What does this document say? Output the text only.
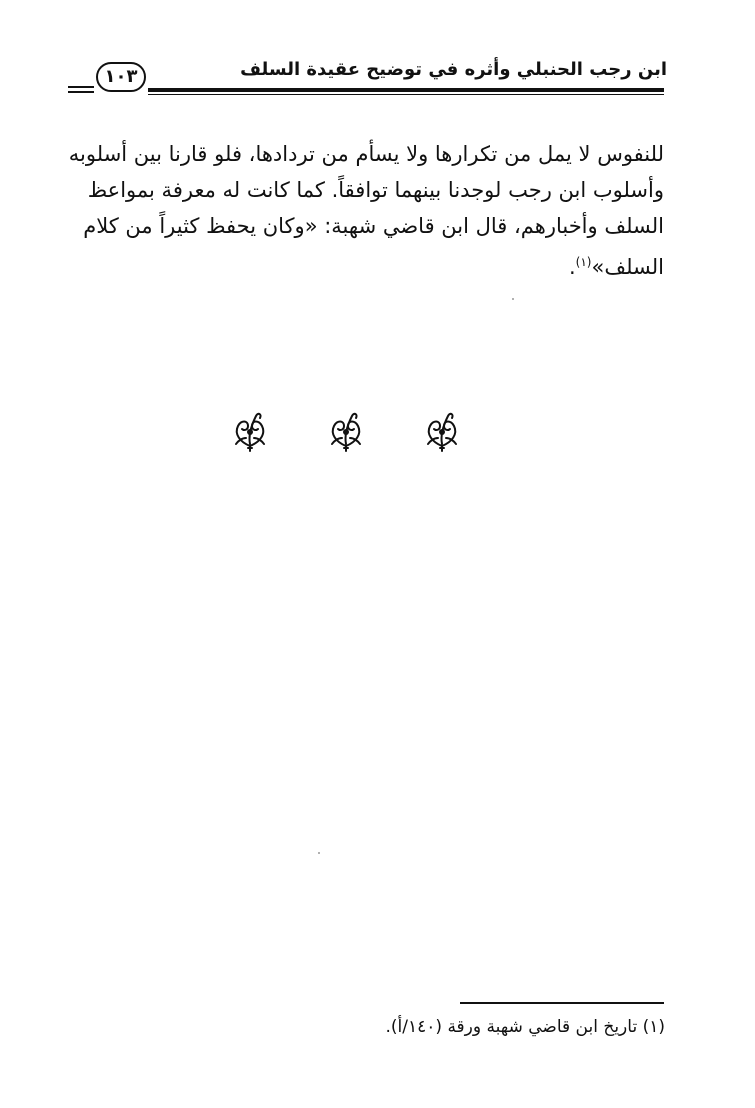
ابن رجب الحنبلي وأثره في توضيح عقيدة السلف
١٠٣
للنفوس لا يمل من تكرارها ولا يسأم من تردادها، فلو قارنا بين أسلوبه
وأسلوب ابن رجب لوجدنا بينهما توافقاً. كما كانت له معرفة بمواعظ
السلف وأخبارهم، قال ابن قاضي شهبة: «وكان يحفظ كثيراً من كلام
السلف»$^{(١)}$.
(١) تاريخ ابن قاضي شهبة ورقة (١٤٠/أ).
